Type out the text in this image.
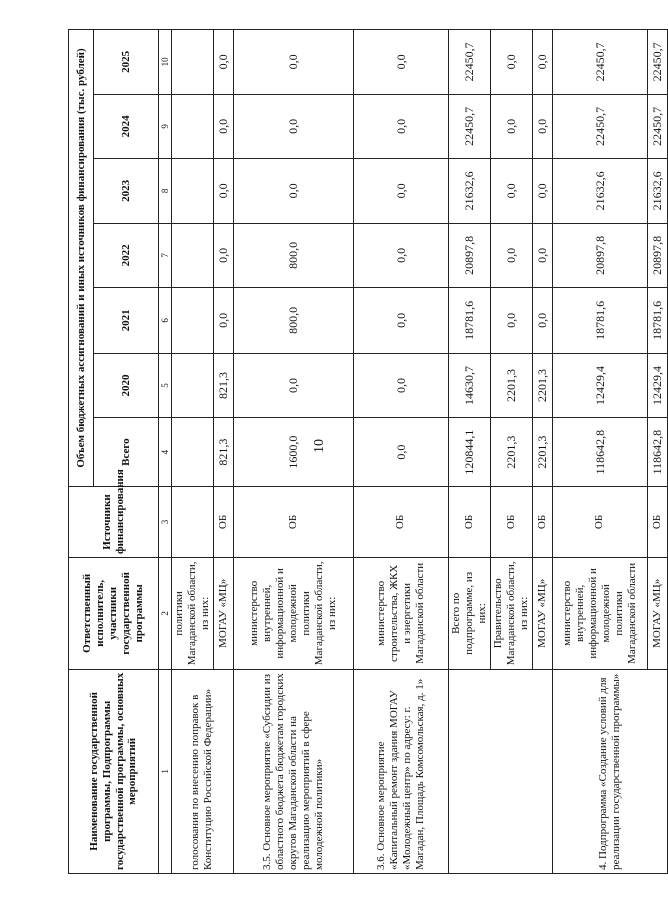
10
Наименование государственной программы, Подпрограммы государственной программы, основных мероприятий	Ответственный исполнитель, участники государственной программы	Источники финансирования	Объем бюджетных ассигнований и иных источников финансирования (тыс. рублей)						
			Всего	2020	2021	2022	2023	2024	2025
1	2	3	4	5	6	7	8	9	10
голосования по внесению поправок в Конституцию Российской Федерации»	политики Магаданской области, из них:								
	МОГАУ «МЦ»	ОБ	821,3	821,3	0,0	0,0	0,0	0,0	0,0
3.5. Основное мероприятие «Субсидии из областного бюджета бюджетам городских округов Магаданской области на реализацию мероприятий в сфере молодежной политики»	министерство внутренней, информационной и молодежной политики Магаданской области, из них:	ОБ	1600,0	0,0	800,0	800,0	0,0	0,0	0,0
3.6. Основное мероприятие «Капитальный ремонт здания МОГАУ «Молодежный центр» по адресу: г. Магадан, Площадь Комсомольская, д. 1»	министерство строительства, ЖКХ и энергетики Магаданской области	ОБ	0,0	0,0	0,0	0,0	0,0	0,0	0,0
	Всего по подпрограмме, из них:	ОБ	120844,1	14630,7	18781,6	20897,8	21632,6	22450,7	22450,7
	Правительство Магаданской области, из них:	ОБ	2201,3	2201,3	0,0	0,0	0,0	0,0	0,0
	МОГАУ «МЦ»	ОБ	2201,3	2201,3	0,0	0,0	0,0	0,0	0,0
4. Подпрограмма «Создание условий для реализации государственной программы»	министерство внутренней, информационной и молодежной политики Магаданской области	ОБ	118642,8	12429,4	18781,6	20897,8	21632,6	22450,7	22450,7
	МОГАУ «МЦ»	ОБ	118642,8	12429,4	18781,6	20897,8	21632,6	22450,7	22450,7
